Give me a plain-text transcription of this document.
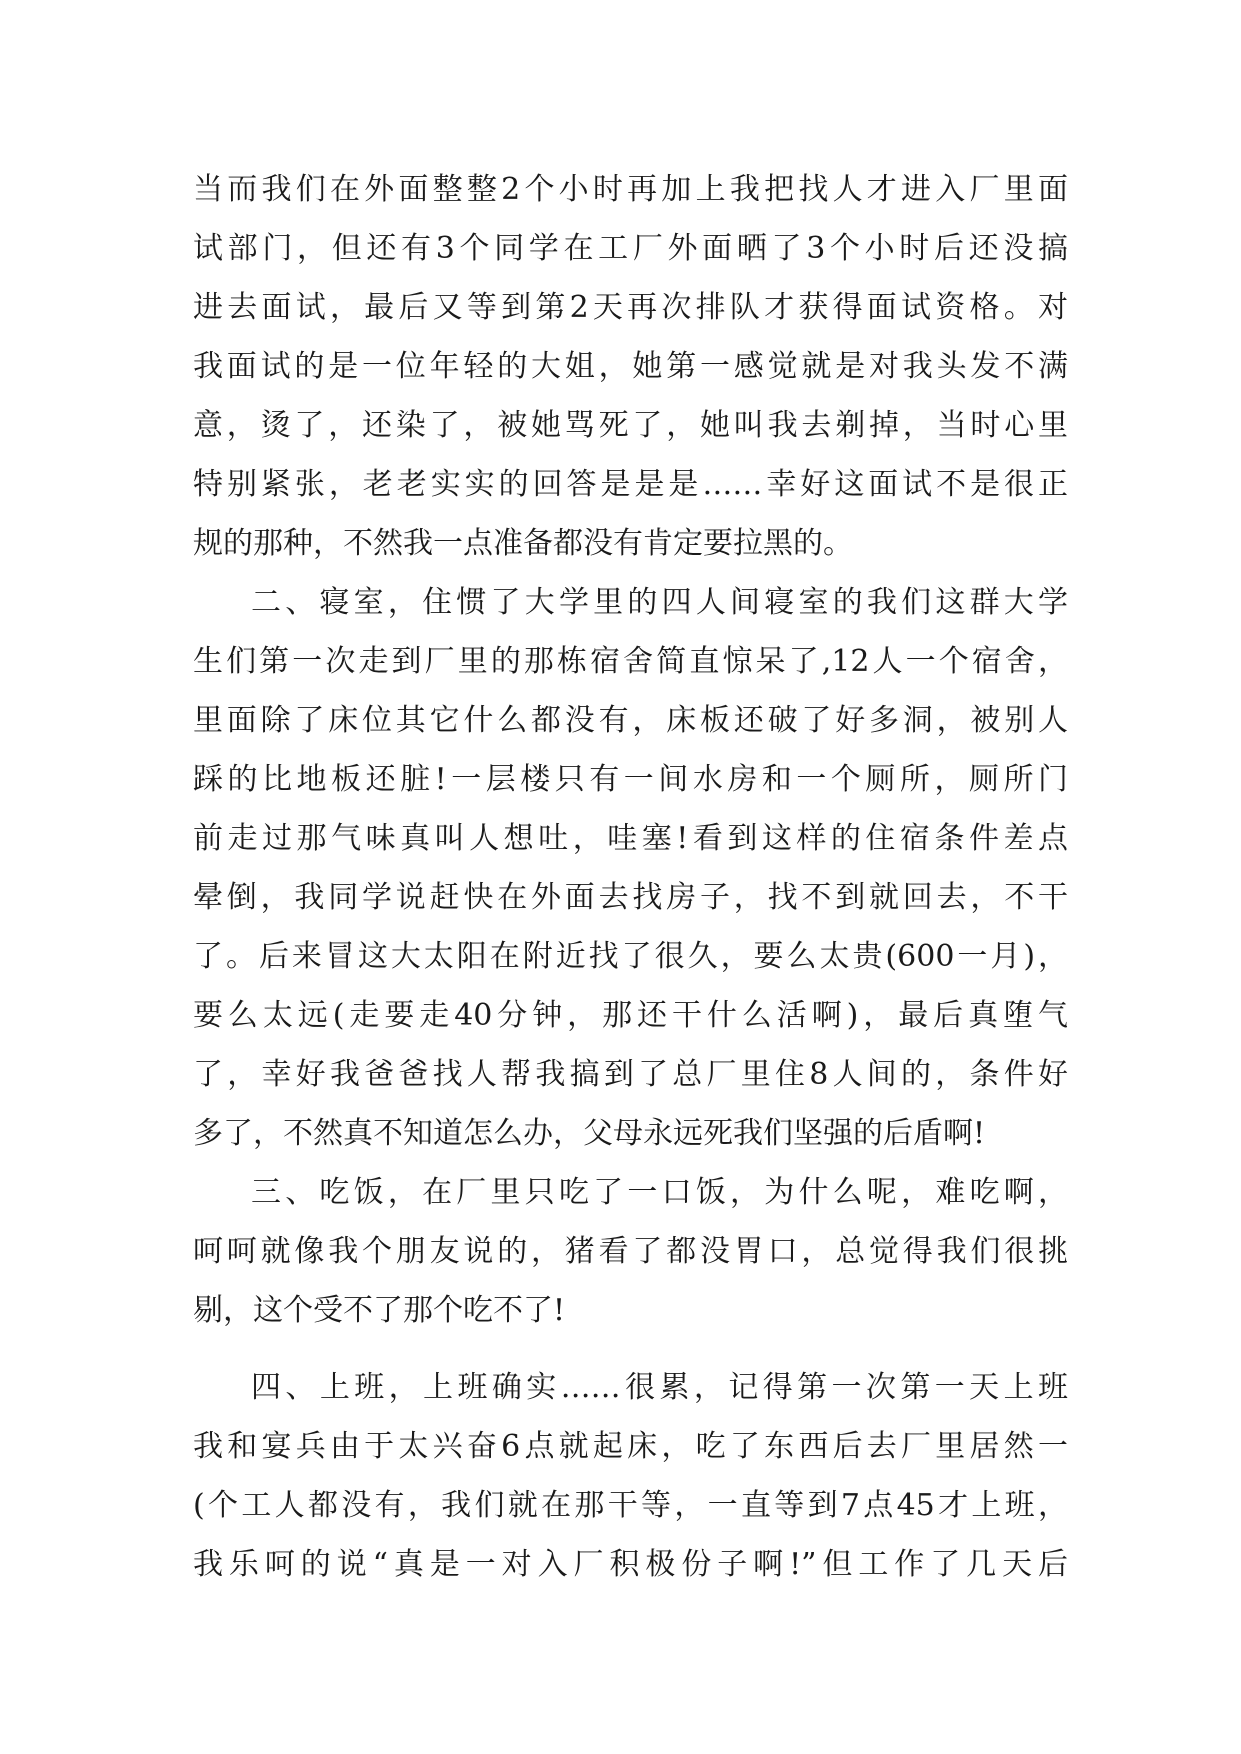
当而我们在外面整整2个小时再加上我把找人才进入厂里面
试部门，但还有3个同学在工厂外面晒了3个小时后还没搞
进去面试，最后又等到第2天再次排队才获得面试资格。对
我面试的是一位年轻的大姐，她第一感觉就是对我头发不满
意，烫了，还染了，被她骂死了，她叫我去剃掉，当时心里
特别紧张，老老实实的回答是是是……幸好这面试不是很正
规的那种，不然我一点准备都没有肯定要拉黑的。
二、寝室，住惯了大学里的四人间寝室的我们这群大学
生们第一次走到厂里的那栋宿舍简直惊呆了,12人一个宿舍，
里面除了床位其它什么都没有，床板还破了好多洞，被别人
踩的比地板还脏!一层楼只有一间水房和一个厕所，厕所门
前走过那气味真叫人想吐，哇塞!看到这样的住宿条件差点
晕倒，我同学说赶快在外面去找房子，找不到就回去，不干
了。后来冒这大太阳在附近找了很久，要么太贵(600一月)，
要么太远(走要走40分钟，那还干什么活啊)，最后真堕气
了，幸好我爸爸找人帮我搞到了总厂里住8人间的，条件好
多了，不然真不知道怎么办，父母永远死我们坚强的后盾啊!
三、吃饭，在厂里只吃了一口饭，为什么呢，难吃啊，
呵呵就像我个朋友说的，猪看了都没胃口，总觉得我们很挑
剔，这个受不了那个吃不了!
四、上班，上班确实……很累，记得第一次第一天上班
我和宴兵由于太兴奋6点就起床，吃了东西后去厂里居然一
(个工人都没有，我们就在那干等，一直等到7点45才上班，
我乐呵的说“真是一对入厂积极份子啊!”但工作了几天后
